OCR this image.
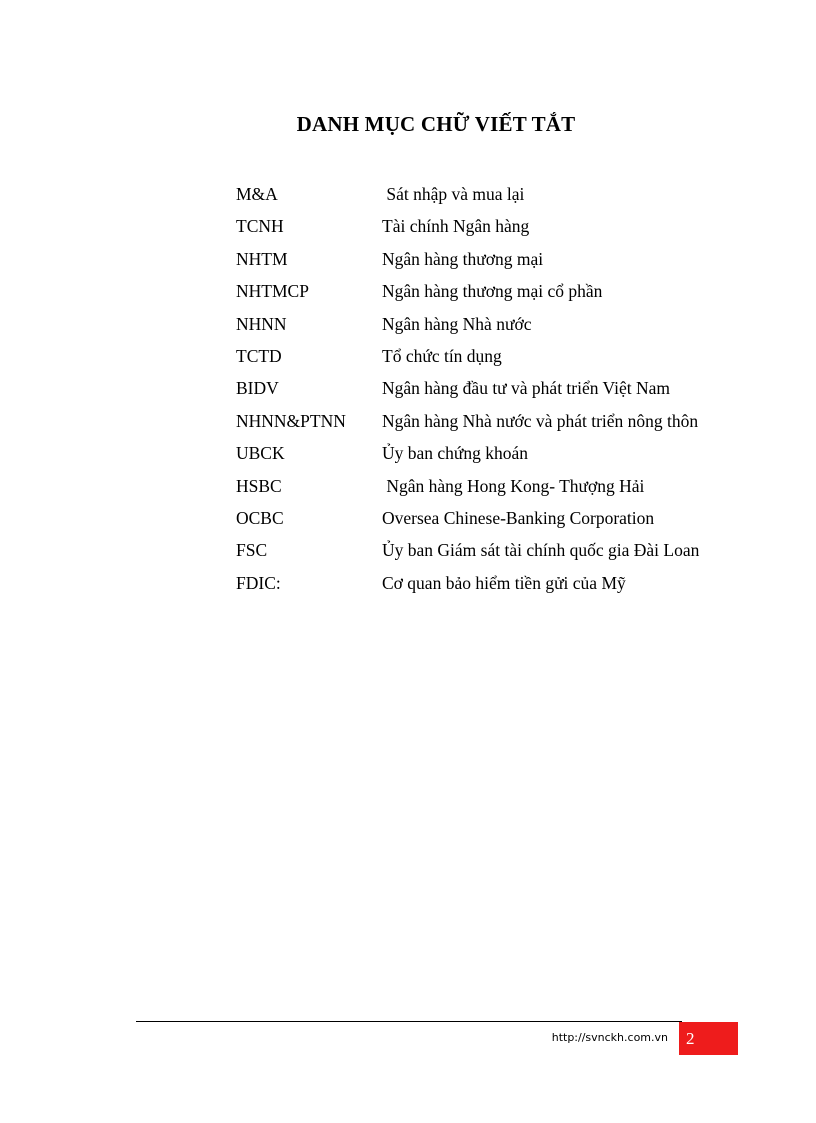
DANH MỤC CHỮ VIẾT TẮT
M&A	Sát nhập và mua lại
TCNH	Tài chính Ngân hàng
NHTM	Ngân hàng thương mại
NHTMCP	Ngân hàng thương mại cổ phần
NHNN	Ngân hàng Nhà nước
TCTD	Tổ chức tín dụng
BIDV	Ngân hàng đầu tư và phát triển Việt Nam
NHNN&PTNN Ngân hàng Nhà nước và phát triển nông thôn
UBCK	Ủy ban chứng khoán
HSBC	Ngân hàng Hong Kong- Thượng Hải
OCBC	Oversea Chinese-Banking Corporation
FSC	Ủy ban Giám sát tài chính quốc gia Đài Loan
FDIC:	Cơ quan bảo hiểm tiền gửi của Mỹ
http://svnckh.com.vn 2
